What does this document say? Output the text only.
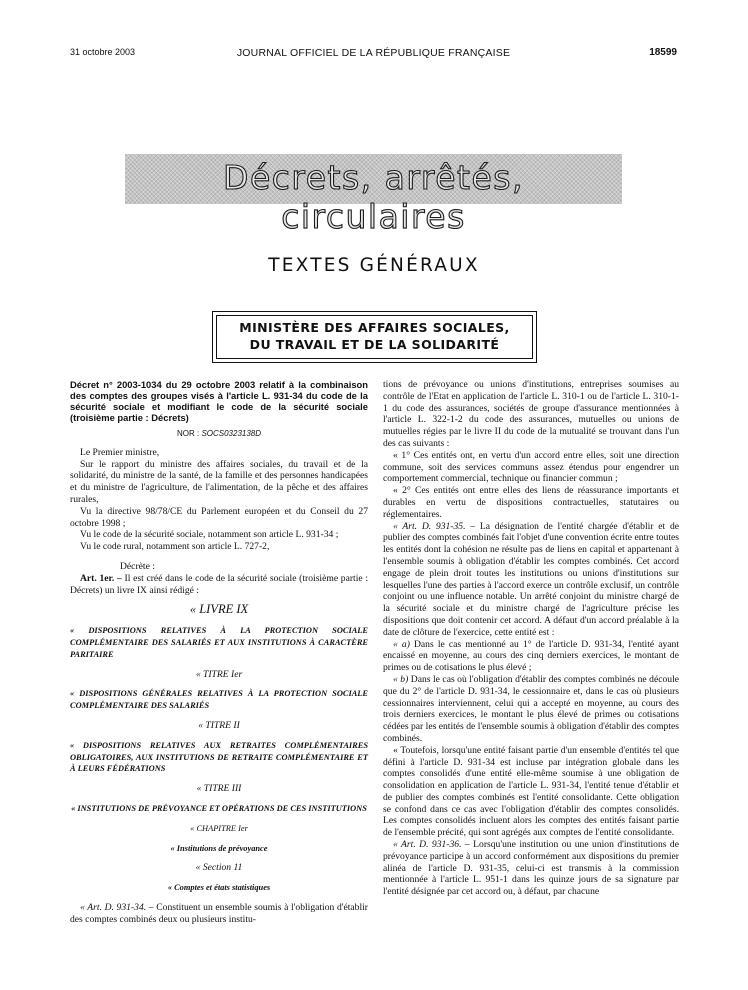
31 octobre 2003	JOURNAL OFFICIEL DE LA RÉPUBLIQUE FRANÇAISE	18599
Décrets, arrêtés, circulaires
TEXTES GÉNÉRAUX
MINISTÈRE DES AFFAIRES SOCIALES,
DU TRAVAIL ET DE LA SOLIDARITÉ

Décret n° 2003-1034 du 29 octobre 2003 relatif à la combinaison des comptes des groupes visés à l'article L. 931-34 du code de la sécurité sociale et modifiant le code de la sécurité sociale (troisième partie : Décrets)

NOR : SOCS0323138D

Le Premier ministre,

Sur le rapport du ministre des affaires sociales, du travail et de la solidarité, du ministre de la santé, de la famille et des personnes handicapées et du ministre de l'agriculture, de l'alimentation, de la pêche et des affaires rurales,

Vu la directive 98/78/CE du Parlement européen et du Conseil du 27 octobre 1998 ;

Vu le code de la sécurité sociale, notamment son article L. 931-34 ;

Vu le code rural, notamment son article L. 727-2,

Décrète :

Art. 1er. – Il est créé dans le code de la sécurité sociale (troisième partie : Décrets) un livre IX ainsi rédigé :

« LIVRE IX

« DISPOSITIONS RELATIVES À LA PROTECTION SOCIALE COMPLÉMENTAIRE DES SALARIÉS ET AUX INSTITUTIONS À CARACTÈRE PARITAIRE

« TITRE Ier

« DISPOSITIONS GÉNÉRALES RELATIVES À LA PROTECTION SOCIALE COMPLÉMENTAIRE DES SALARIÉS

« TITRE II

« DISPOSITIONS RELATIVES AUX RETRAITES COMPLÉMENTAIRES OBLIGATOIRES, AUX INSTITUTIONS DE RETRAITE COMPLÉMENTAIRE ET À LEURS FÉDÉRATIONS

« TITRE III

« INSTITUTIONS DE PRÉVOYANCE ET OPÉRATIONS DE CES INSTITUTIONS

« CHAPITRE Ier

« Institutions de prévoyance

« Section 11

« Comptes et états statistiques

« Art. D. 931-34. – Constituent un ensemble soumis à l'obligation d'établir des comptes combinés deux ou plusieurs institu-

tions de prévoyance ou unions d'institutions, entreprises soumises au contrôle de l'Etat en application de l'article L. 310-1 ou de l'article L. 310-1-1 du code des assurances, sociétés de groupe d'assurance mentionnées à l'article L. 322-1-2 du code des assurances, mutuelles ou unions de mutuelles régies par le livre II du code de la mutualité se trouvant dans l'un des cas suivants :

« 1° Ces entités ont, en vertu d'un accord entre elles, soit une direction commune, soit des services communs assez étendus pour engendrer un comportement commercial, technique ou financier commun ;

« 2° Ces entités ont entre elles des liens de réassurance importants et durables en vertu de dispositions contractuelles, statutaires ou réglementaires.

« Art. D. 931-35. – La désignation de l'entité chargée d'établir et de publier des comptes combinés fait l'objet d'une convention écrite entre toutes les entités dont la cohésion ne résulte pas de liens en capital et appartenant à l'ensemble soumis à obligation d'établir les comptes combinés. Cet accord engage de plein droit toutes les institutions ou unions d'institutions sur lesquelles l'une des parties à l'accord exerce un contrôle exclusif, un contrôle conjoint ou une influence notable. Un arrêté conjoint du ministre chargé de la sécurité sociale et du ministre chargé de l'agriculture précise les dispositions que doit contenir cet accord. A défaut d'un accord préalable à la date de clôture de l'exercice, cette entité est :

« a) Dans le cas mentionné au 1° de l'article D. 931-34, l'entité ayant encaissé en moyenne, au cours des cinq derniers exercices, le montant de primes ou de cotisations le plus élevé ;

« b) Dans le cas où l'obligation d'établir des comptes combinés ne découle que du 2° de l'article D. 931-34, le cessionnaire et, dans le cas où plusieurs cessionnaires interviennent, celui qui a accepté en moyenne, au cours des trois derniers exercices, le montant le plus élevé de primes ou cotisations cédées par les entités de l'ensemble soumis à obligation d'établir des comptes combinés.

« Toutefois, lorsqu'une entité faisant partie d'un ensemble d'entités tel que défini à l'article D. 931-34 est incluse par intégration globale dans les comptes consolidés d'une entité elle-même soumise à une obligation de consolidation en application de l'article L. 931-34, l'entité tenue d'établir et de publier des comptes combinés est l'entité consolidante. Cette obligation se confond dans ce cas avec l'obligation d'établir des comptes consolidés. Les comptes consolidés incluent alors les comptes des entités faisant partie de l'ensemble précité, qui sont agrégés aux comptes de l'entité consolidante.

« Art. D. 931-36. – Lorsqu'une institution ou une union d'institutions de prévoyance participe à un accord conformément aux dispositions du premier alinéa de l'article D. 931-35, celui-ci est transmis à la commission mentionnée à l'article L. 951-1 dans les quinze jours de sa signature par l'entité désignée par cet accord ou, à défaut, par chacune
